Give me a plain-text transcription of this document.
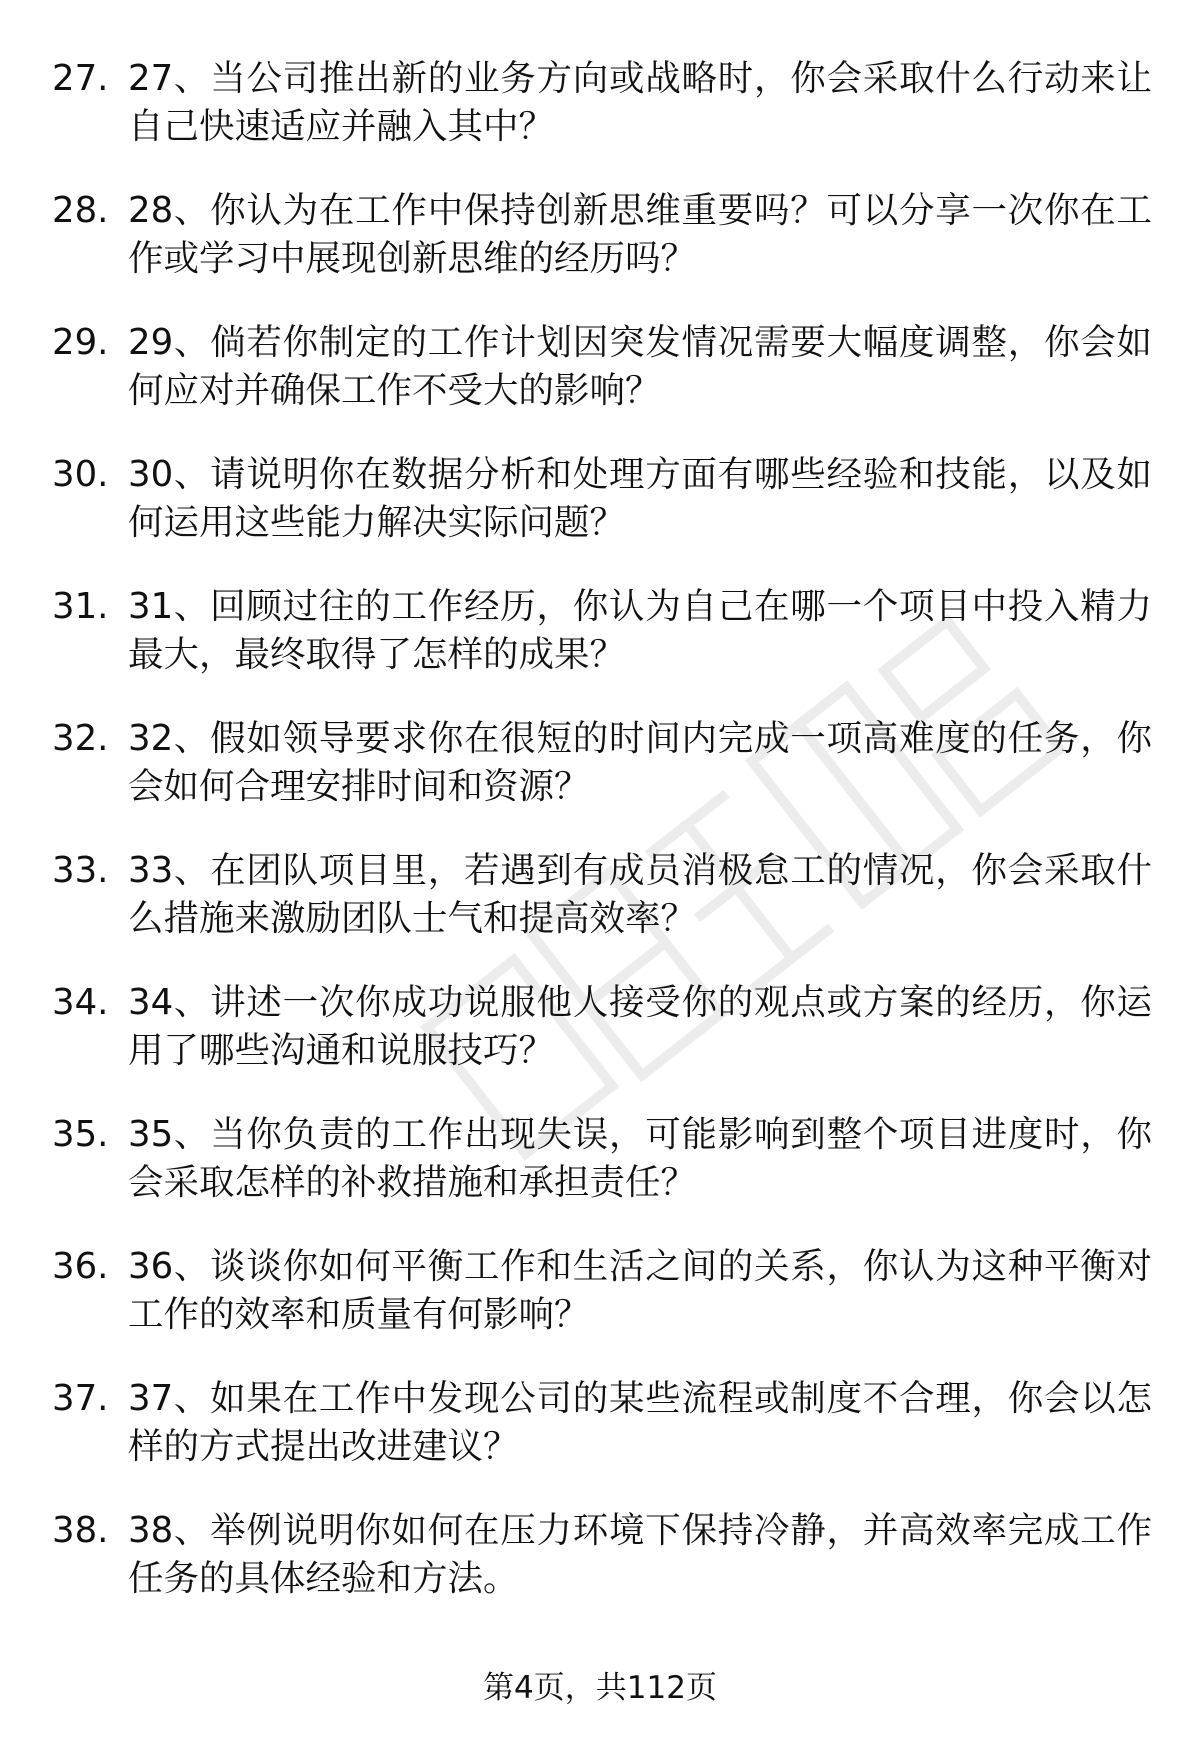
27. 27、当公司推出新的业务方向或战略时，你会采取什么行动来让自己快速适应并融入其中？
28. 28、你认为在工作中保持创新思维重要吗？可以分享一次你在工作或学习中展现创新思维的经历吗？
29. 29、倘若你制定的工作计划因突发情况需要大幅度调整，你会如何应对并确保工作不受大的影响？
30. 30、请说明你在数据分析和处理方面有哪些经验和技能，以及如何运用这些能力解决实际问题？
31. 31、回顾过往的工作经历，你认为自己在哪一个项目中投入精力最大，最终取得了怎样的成果？
32. 32、假如领导要求你在很短的时间内完成一项高难度的任务，你会如何合理安排时间和资源？
33. 33、在团队项目里，若遇到有成员消极怠工的情况，你会采取什么措施来激励团队士气和提高效率？
34. 34、讲述一次你成功说服他人接受你的观点或方案的经历，你运用了哪些沟通和说服技巧？
35. 35、当你负责的工作出现失误，可能影响到整个项目进度时，你会采取怎样的补救措施和承担责任？
36. 36、谈谈你如何平衡工作和生活之间的关系，你认为这种平衡对工作的效率和质量有何影响？
37. 37、如果在工作中发现公司的某些流程或制度不合理，你会以怎样的方式提出改进建议？
38. 38、举例说明你如何在压力环境下保持冷静，并高效率完成工作任务的具体经验和方法。
第4页，共112页
